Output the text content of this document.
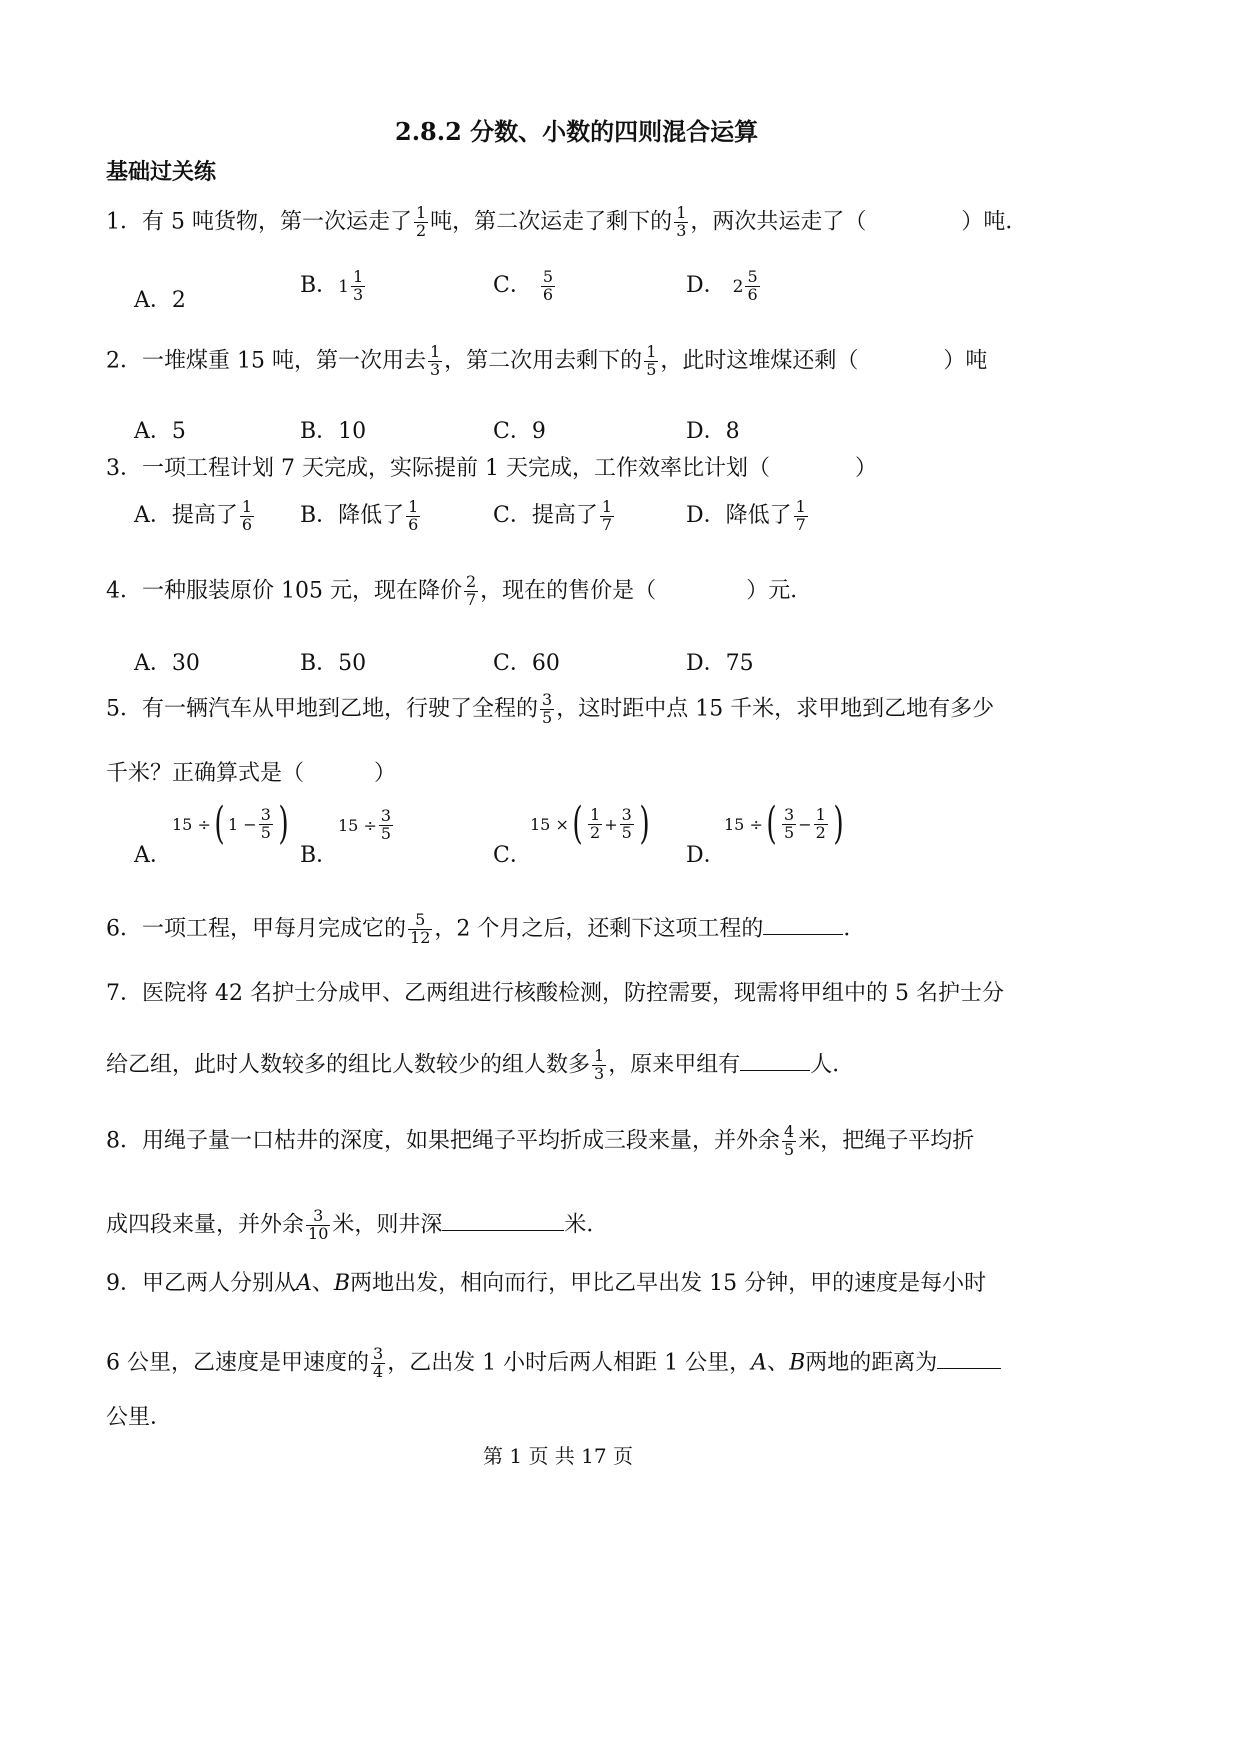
2.8.2 分数、小数的四则混合运算
基础过关练
1．有 5 吨货物，第一次运走了 $\frac{1}{2}$ 吨，第二次运走了剩下的 $\frac{1}{3}$ ，两次共运走了（	）吨．
A．2
B．$1 \frac{1}{3}$	C． $\frac{5}{6}$	D． $2 \frac{5}{6}$
2．一堆煤重 15 吨，第一次用去 $\frac{1}{3}$ ，第二次用去剩下的 $\frac{1}{5}$ ，此时这堆煤还剩（	）吨
A．5	B．10	C．9	D．8
3．一项工程计划 7 天完成，实际提前 1 天完成，工作效率比计划（	）
A．提高了 $\frac{1}{6}$ B．降低了 $\frac{1}{6}$	C．提高了 $\frac{1}{7}$	D．降低了 $\frac{1}{7}$
4．一种服装原价 105 元，现在降价 $\frac{2}{7}$ ，现在的售价是（	）元．
A．30	B．50	C．60	D．75
5．有一辆汽车从甲地到乙地，行驶了全程的 $\frac{3}{5}$ ，这时距中点 15 千米，求甲地到乙地有多少
千米？正确算式是（	）
A．
15 ÷( $1 - \frac{3}{5}$ )
B．
$15 \div \frac{3}{5}$
C．
15 ×( $\frac{1}{2} + \frac{3}{5}$ )
D．
15 ÷( $\frac{3}{5} - \frac{1}{2}$ )
6．一项工程，甲每月完成它的 $\frac{5}{12}$ ，2 个月之后，还剩下这项工程的	．
7．医院将 42 名护士分成甲、乙两组进行核酸检测，防控需要，现需将甲组中的 5 名护士分
给乙组，此时人数较多的组比人数较少的组人数多 $\frac{1}{3}$ ，原来甲组有	人．
8．用绳子量一口枯井的深度，如果把绳子平均折成三段来量，并外余 $\frac{4}{5}$ 米，把绳子平均折
成四段来量，并外余 $\frac{3}{10}$ 米，则井深	米．
9．甲乙两人分别从A、B两地出发，相向而行，甲比乙早出发 15 分钟，甲的速度是每小时
6 公里，乙速度是甲速度的 $\frac{3}{4}$ ，乙出发 1 小时后两人相距 1 公里，A、B两地的距离为
公里．
第 1 页 共 17 页
